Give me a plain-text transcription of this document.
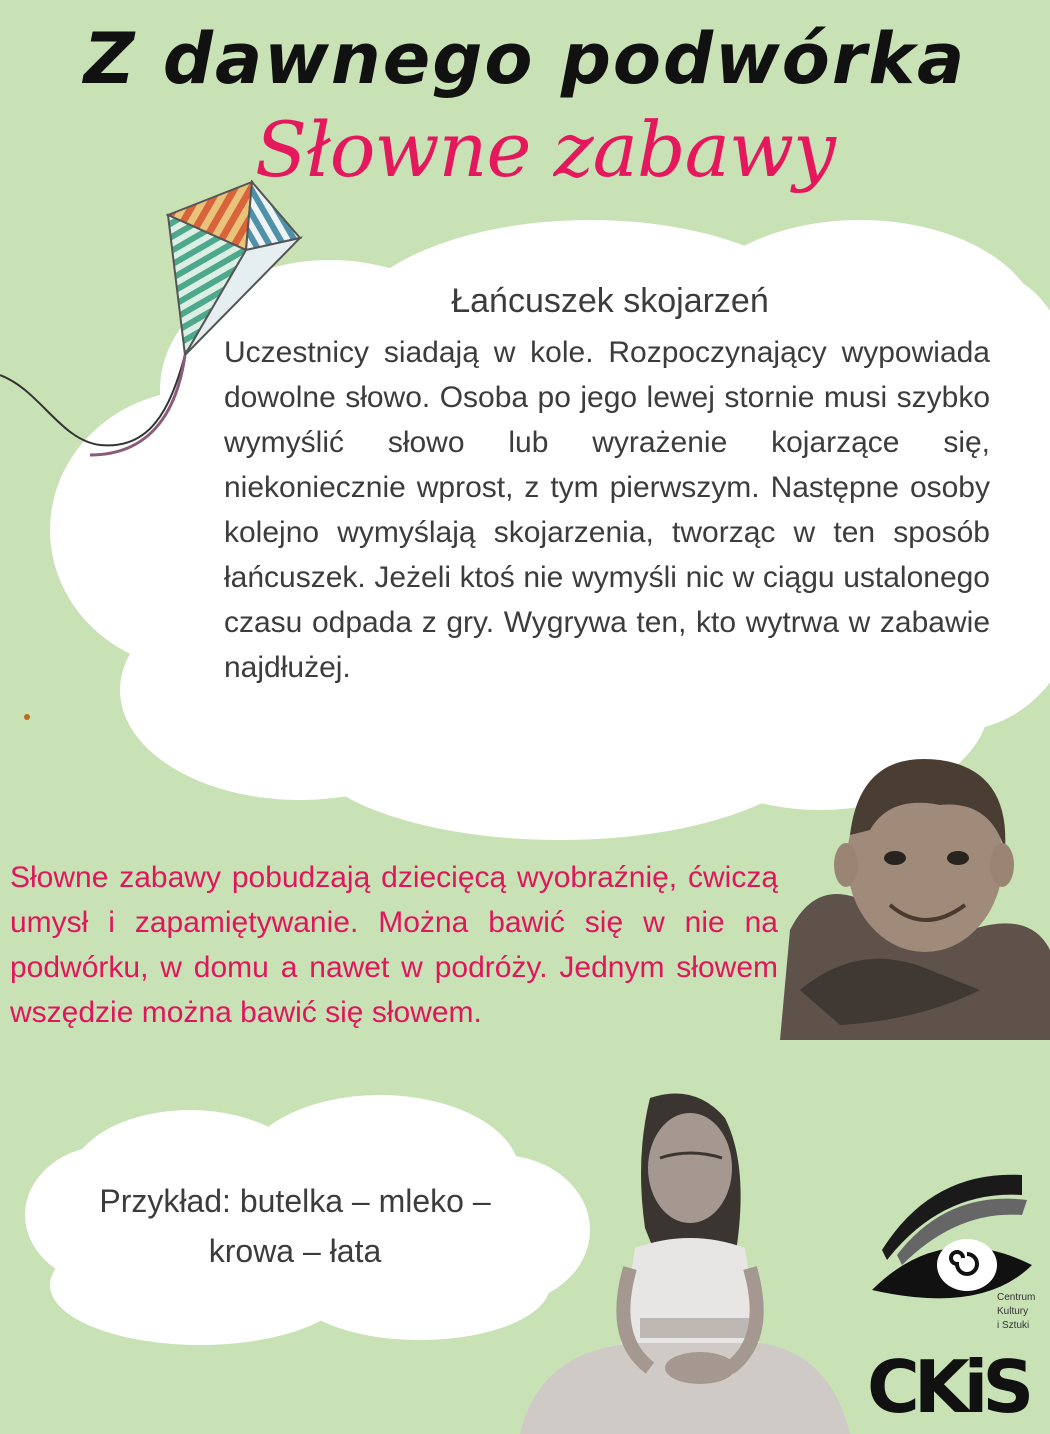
Z dawnego podwórka
Słowne zabawy
Łańcuszek skojarzeń

Uczestnicy siadają w kole. Rozpoczynający wypowiada dowolne słowo. Osoba po jego lewej stornie musi szybko wymyślić słowo lub wyrażenie kojarzące się, niekoniecznie wprost, z tym pierwszym. Następne osoby kolejno wymyślają skojarzenia, tworząc w ten sposób łańcuszek. Jeżeli ktoś nie wymyśli nic w ciągu ustalonego czasu odpada z gry. Wygrywa ten, kto wytrwa w zabawie najdłużej.

Słowne zabawy pobudzają dziecięcą wyobraźnię, ćwiczą umysł i zapamiętywanie. Można bawić się w nie na podwórku, w domu a nawet w podróży. Jednym słowem wszędzie można bawić się słowem.

Przykład: butelka – mleko –
krowa – łata
CKiS
Centrum
Kultury
i Sztuki
